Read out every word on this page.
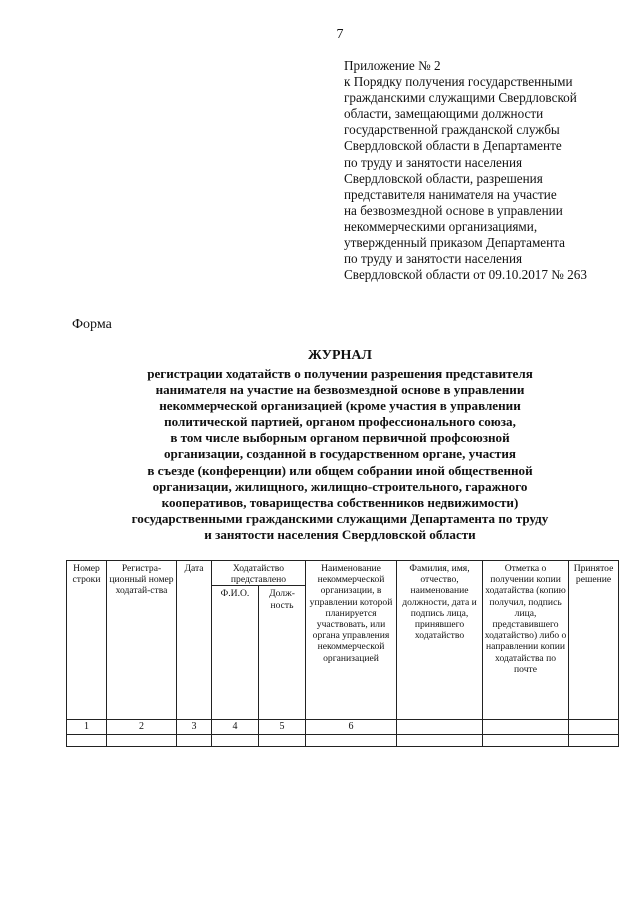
7
Приложение № 2
к Порядку получения государственными
гражданскими служащими Свердловской
области, замещающими должности
государственной гражданской службы
Свердловской области в Департаменте
по труду и занятости населения
Свердловской области, разрешения
представителя нанимателя на участие
на безвозмездной основе в управлении
некоммерческими организациями,
утвержденный приказом Департамента
по труду и занятости населения
Свердловской области от 09.10.2017 № 263
Форма
ЖУРНАЛ
регистрации ходатайств о получении разрешения представителя
нанимателя на участие на безвозмездной основе в управлении
некоммерческой организацией (кроме участия в управлении
политической партией, органом профессионального союза,
в том числе выборным органом первичной профсоюзной
организации, созданной в государственном органе, участия
в съезде (конференции) или общем собрании иной общественной
организации, жилищного, жилищно-строительного, гаражного
кооперативов, товарищества собственников недвижимости)
государственными гражданскими служащими Департамента по труду
и занятости населения Свердловской области
Номер строки	Регистра-ционный номер ходатай-ства	Дата	Ходатайство представлено		Наименование некоммерческой организации, в управлении которой планируется участвовать, или органа управления некоммерческой организацией	Фамилия, имя, отчество, наименование должности, дата и подпись лица, принявшего ходатайство	Отметка о получении копии ходатайства (копию получил, подпись лица, представившего ходатайство) либо о направлении копии ходатайства по почте	Принятое решение
			Ф.И.О.	Долж-ность				
1	2	3	4	5	6			
